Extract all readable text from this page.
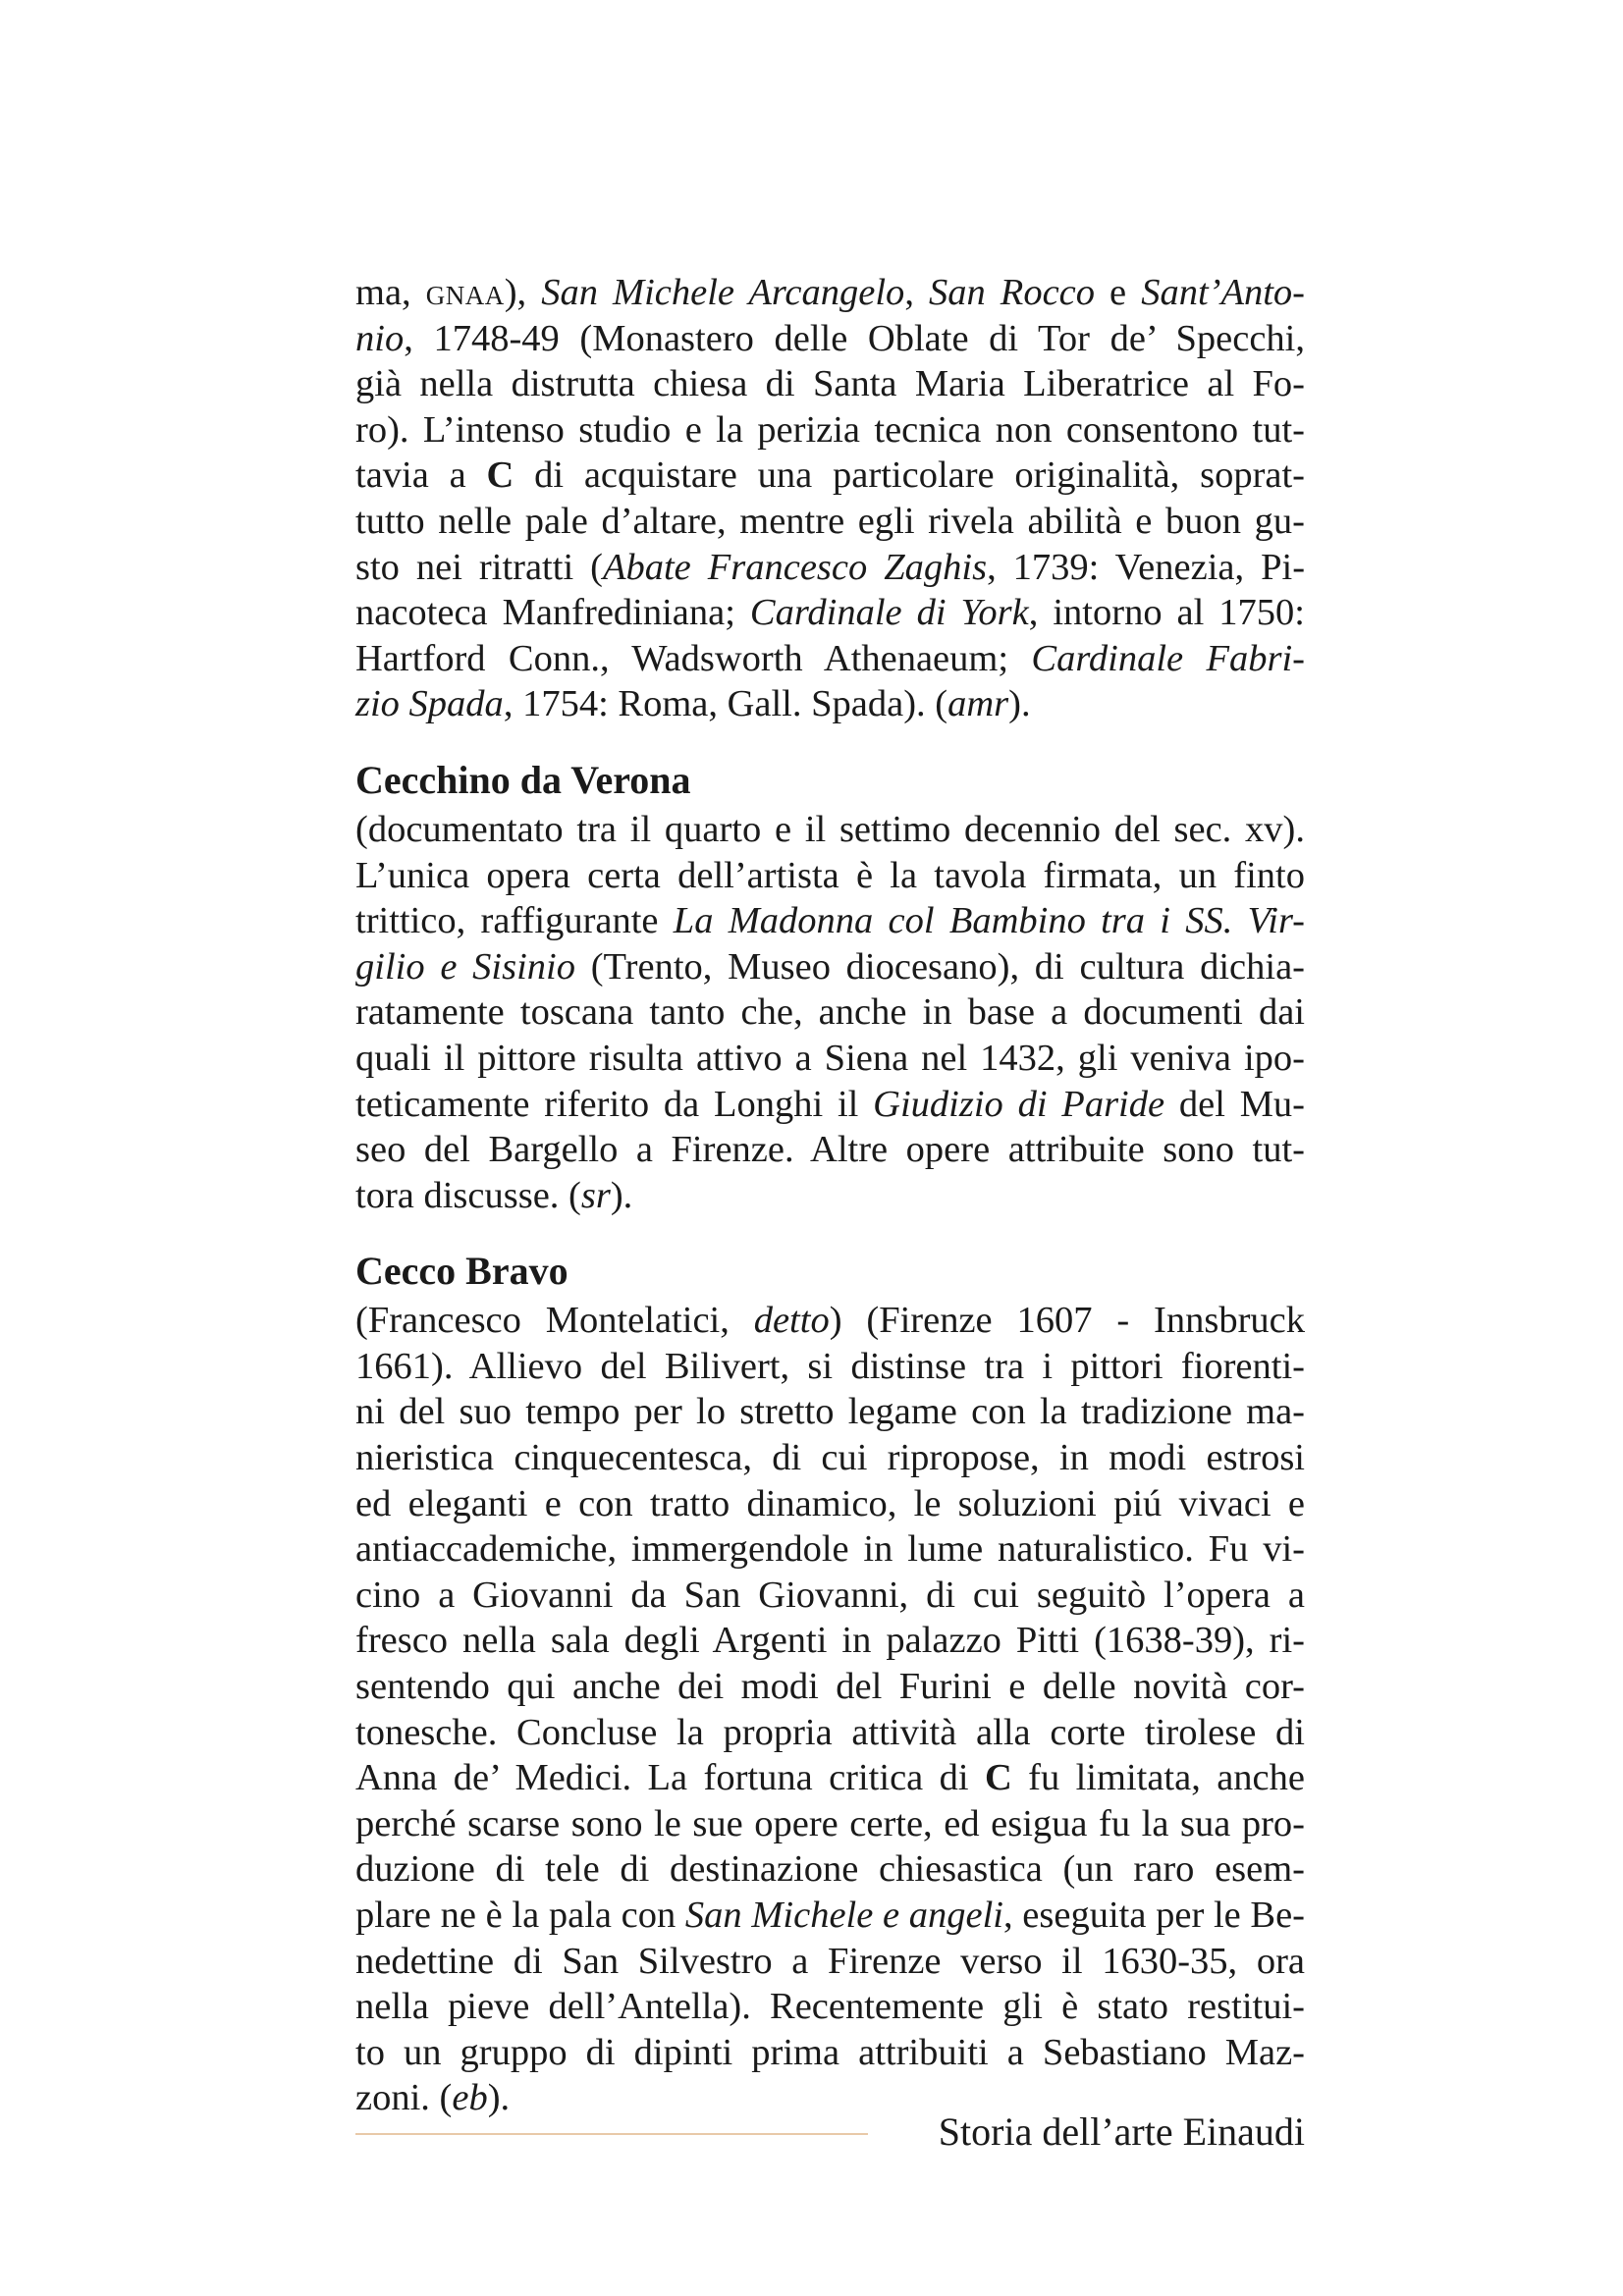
ma, gnaa), San Michele Arcangelo, San Rocco e Sant’Anto-
nio, 1748-49 (Monastero delle Oblate di Tor de’ Specchi,
già nella distrutta chiesa di Santa Maria Liberatrice al Fo-
ro). L’intenso studio e la perizia tecnica non consentono tut-
tavia a C di acquistare una particolare originalità, soprat-
tutto nelle pale d’altare, mentre egli rivela abilità e buon gu-
sto nei ritratti (Abate Francesco Zaghis, 1739: Venezia, Pi-
nacoteca Manfrediniana; Cardinale di York, intorno al 1750:
Hartford Conn., Wadsworth Athenaeum; Cardinale Fabri-
zio Spada, 1754: Roma, Gall. Spada). (amr).

Cecchino da Verona

(documentato tra il quarto e il settimo decennio del sec. xv).
L’unica opera certa dell’artista è la tavola firmata, un finto
trittico, raffigurante La Madonna col Bambino tra i SS. Vir-
gilio e Sisinio (Trento, Museo diocesano), di cultura dichia-
ratamente toscana tanto che, anche in base a documenti dai
quali il pittore risulta attivo a Siena nel 1432, gli veniva ipo-
teticamente riferito da Longhi il Giudizio di Paride del Mu-
seo del Bargello a Firenze. Altre opere attribuite sono tut-
tora discusse. (sr).

Cecco Bravo

(Francesco Montelatici, detto) (Firenze 1607 - Innsbruck
1661). Allievo del Bilivert, si distinse tra i pittori fiorenti-
ni del suo tempo per lo stretto legame con la tradizione ma-
nieristica cinquecentesca, di cui ripropose, in modi estrosi
ed eleganti e con tratto dinamico, le soluzioni piú vivaci e
antiaccademiche, immergendole in lume naturalistico. Fu vi-
cino a Giovanni da San Giovanni, di cui seguitò l’opera a
fresco nella sala degli Argenti in palazzo Pitti (1638-39), ri-
sentendo qui anche dei modi del Furini e delle novità cor-
tonesche. Concluse la propria attività alla corte tirolese di
Anna de’ Medici. La fortuna critica di C fu limitata, anche
perché scarse sono le sue opere certe, ed esigua fu la sua pro-
duzione di tele di destinazione chiesastica (un raro esem-
plare ne è la pala con San Michele e angeli, eseguita per le Be-
nedettine di San Silvestro a Firenze verso il 1630-35, ora
nella pieve dell’Antella). Recentemente gli è stato restitui-
to un gruppo di dipinti prima attribuiti a Sebastiano Maz-
zoni. (eb).

Storia dell’arte Einaudi
